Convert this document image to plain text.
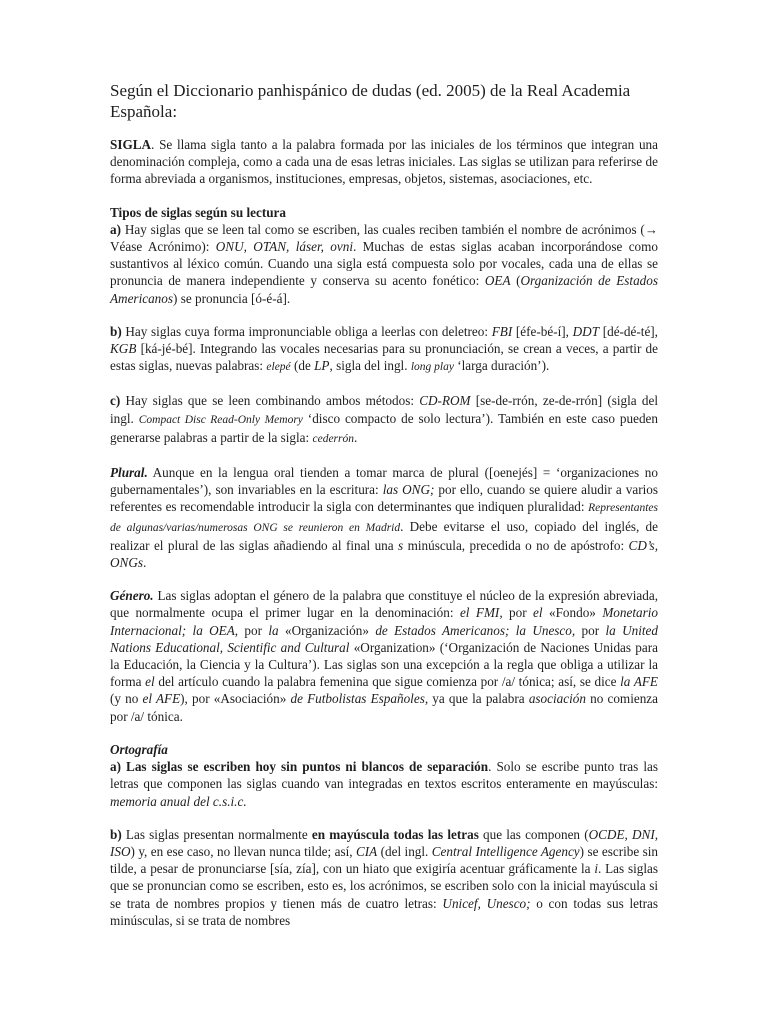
Según el Diccionario panhispánico de dudas (ed. 2005) de la Real Academia Española:

SIGLA. Se llama sigla tanto a la palabra formada por las iniciales de los términos que integran una denominación compleja, como a cada una de esas letras iniciales. Las siglas se utilizan para referirse de forma abreviada a organismos, instituciones, empresas, objetos, sistemas, asociaciones, etc.

Tipos de siglas según su lectura

a) Hay siglas que se leen tal como se escriben, las cuales reciben también el nombre de acrónimos (→ Véase Acrónimo): ONU, OTAN, láser, ovni. Muchas de estas siglas acaban incorporándose como sustantivos al léxico común. Cuando una sigla está compuesta solo por vocales, cada una de ellas se pronuncia de manera independiente y conserva su acento fonético: OEA (Organización de Estados Americanos) se pronuncia [ó-é-á].

b) Hay siglas cuya forma impronunciable obliga a leerlas con deletreo: FBI [éfe-bé-í], DDT [dé-dé-té], KGB [ká-jé-bé]. Integrando las vocales necesarias para su pronunciación, se crean a veces, a partir de estas siglas, nuevas palabras: elepé (de LP, sigla del ingl. long play ‘larga duración’).

c) Hay siglas que se leen combinando ambos métodos: CD-ROM [se-de-rrón, ze-de-rrón] (sigla del ingl. Compact Disc Read-Only Memory ‘disco compacto de solo lectura’). También en este caso pueden generarse palabras a partir de la sigla: cederrón.

Plural. Aunque en la lengua oral tienden a tomar marca de plural ([oenejés] = ‘organizaciones no gubernamentales’), son invariables en la escritura: las ONG; por ello, cuando se quiere aludir a varios referentes es recomendable introducir la sigla con determinantes que indiquen pluralidad: Representantes de algunas/varias/numerosas ONG se reunieron en Madrid. Debe evitarse el uso, copiado del inglés, de realizar el plural de las siglas añadiendo al final una s minúscula, precedida o no de apóstrofo: CD’s, ONGs.

Género. Las siglas adoptan el género de la palabra que constituye el núcleo de la expresión abreviada, que normalmente ocupa el primer lugar en la denominación: el FMI, por el «Fondo» Monetario Internacional; la OEA, por la «Organización» de Estados Americanos; la Unesco, por la United Nations Educational, Scientific and Cultural «Organization» (‘Organización de Naciones Unidas para la Educación, la Ciencia y la Cultura’). Las siglas son una excepción a la regla que obliga a utilizar la forma el del artículo cuando la palabra femenina que sigue comienza por /a/ tónica; así, se dice la AFE (y no el AFE), por «Asociación» de Futbolistas Españoles, ya que la palabra asociación no comienza por /a/ tónica.

Ortografía

a) Las siglas se escriben hoy sin puntos ni blancos de separación. Solo se escribe punto tras las letras que componen las siglas cuando van integradas en textos escritos enteramente en mayúsculas: memoria anual del c.s.i.c.

b) Las siglas presentan normalmente en mayúscula todas las letras que las componen (OCDE, DNI, ISO) y, en ese caso, no llevan nunca tilde; así, CIA (del ingl. Central Intelligence Agency) se escribe sin tilde, a pesar de pronunciarse [sía, zía], con un hiato que exigiría acentuar gráficamente la i. Las siglas que se pronuncian como se escriben, esto es, los acrónimos, se escriben solo con la inicial mayúscula si se trata de nombres propios y tienen más de cuatro letras: Unicef, Unesco; o con todas sus letras minúsculas, si se trata de nombres
